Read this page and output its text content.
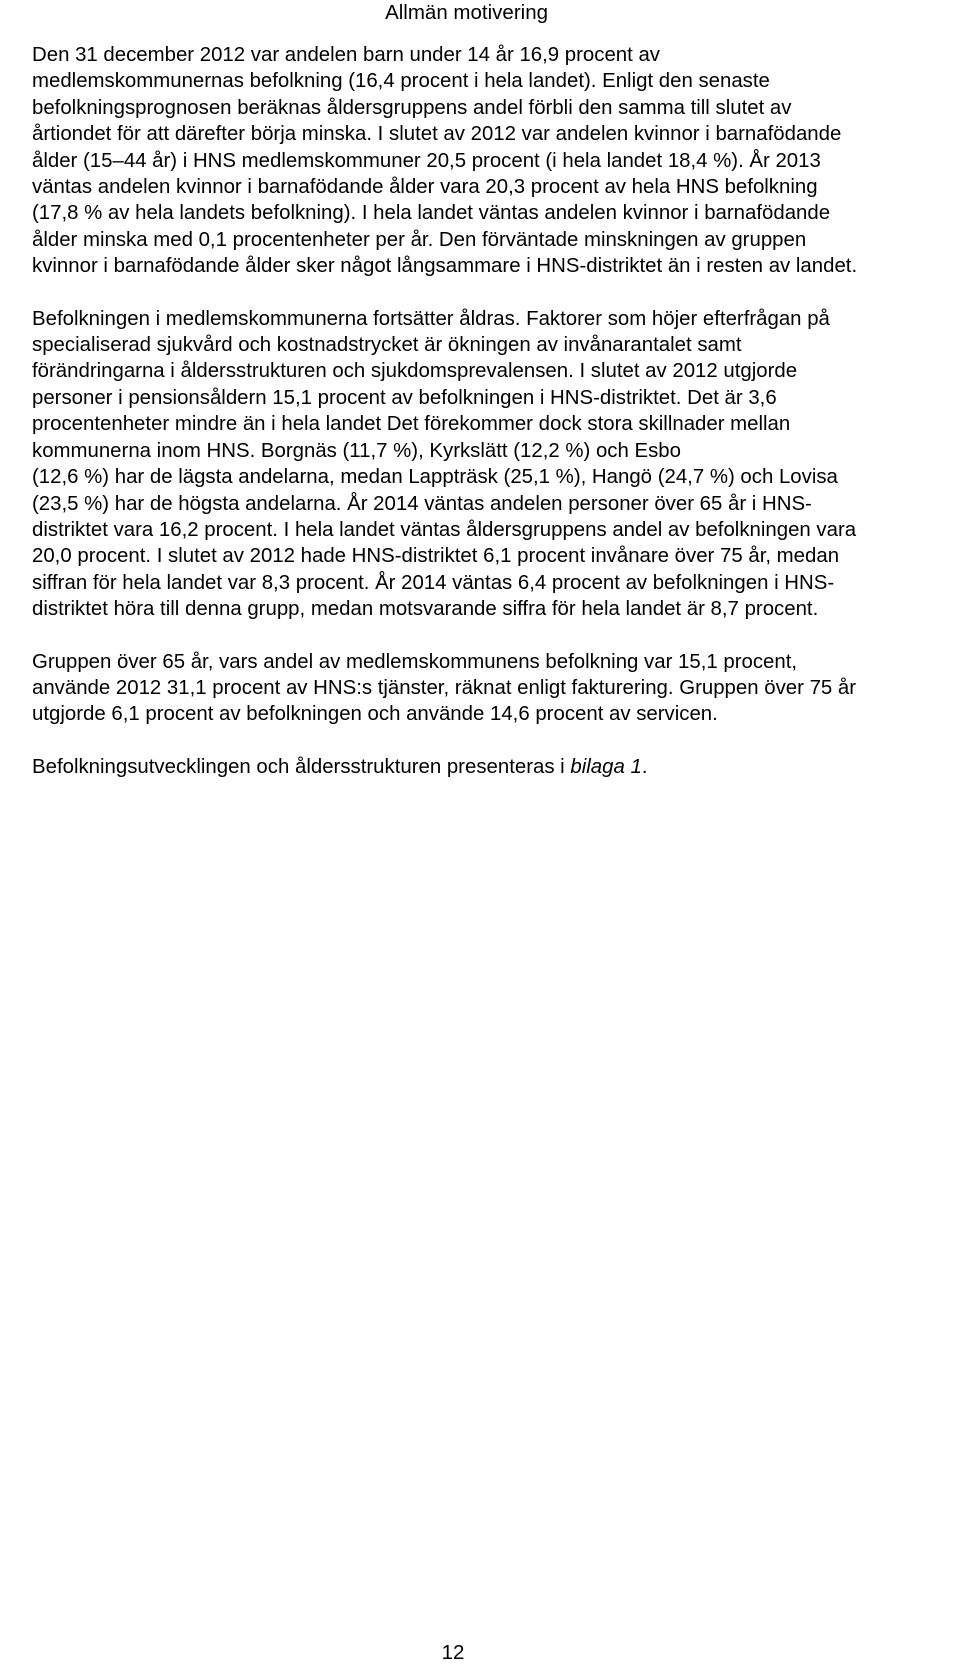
Allmän motivering

Den 31 december 2012 var andelen barn under 14 år 16,9 procent av
medlemskommunernas befolkning (16,4 procent i hela landet). Enligt den senaste
befolkningsprognosen beräknas åldersgruppens andel förbli den samma till slutet av
årtiondet för att därefter börja minska. I slutet av 2012 var andelen kvinnor i barnafödande
ålder (15–44 år) i HNS medlemskommuner 20,5 procent (i hela landet 18,4 %). År 2013
väntas andelen kvinnor i barnafödande ålder vara 20,3 procent av hela HNS befolkning
(17,8 % av hela landets befolkning). I hela landet väntas andelen kvinnor i barnafödande
ålder minska med 0,1 procentenheter per år. Den förväntade minskningen av gruppen
kvinnor i barnafödande ålder sker något långsammare i HNS-distriktet än i resten av landet.

Befolkningen i medlemskommunerna fortsätter åldras. Faktorer som höjer efterfrågan på
specialiserad sjukvård och kostnadstrycket är ökningen av invånarantalet samt
förändringarna i åldersstrukturen och sjukdomsprevalensen. I slutet av 2012 utgjorde
personer i pensionsåldern 15,1 procent av befolkningen i HNS-distriktet. Det är 3,6
procentenheter mindre än i hela landet Det förekommer dock stora skillnader mellan
kommunerna inom HNS. Borgnäs (11,7 %), Kyrkslätt (12,2 %) och Esbo
(12,6 %) har de lägsta andelarna, medan Lappträsk (25,1 %), Hangö (24,7 %) och Lovisa
(23,5 %) har de högsta andelarna. År 2014 väntas andelen personer över 65 år i HNS-
distriktet vara 16,2 procent. I hela landet väntas åldersgruppens andel av befolkningen vara
20,0 procent. I slutet av 2012 hade HNS-distriktet 6,1 procent invånare över 75 år, medan
siffran för hela landet var 8,3 procent. År 2014 väntas 6,4 procent av befolkningen i HNS-
distriktet höra till denna grupp, medan motsvarande siffra för hela landet är 8,7 procent.

Gruppen över 65 år, vars andel av medlemskommunens befolkning var 15,1 procent,
använde 2012 31,1 procent av HNS:s tjänster, räknat enligt fakturering. Gruppen över 75 år
utgjorde 6,1 procent av befolkningen och använde 14,6 procent av servicen.

Befolkningsutvecklingen och åldersstrukturen presenteras i bilaga 1.

12
